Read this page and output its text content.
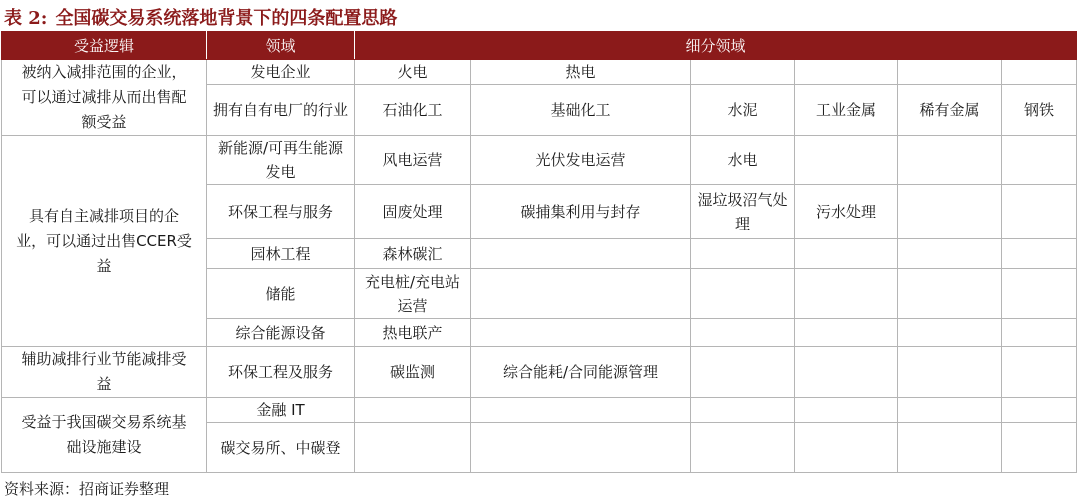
表 2: 全国碳交易系统落地背景下的四条配置思路
受益逻辑	领域	细分领域					
被纳入减排范围的企业，可以通过减排从而出售配额受益	发电企业	火电	热电				
	拥有自有电厂的行业	石油化工	基础化工	水泥	工业金属	稀有金属	钢铁
具有自主减排项目的企业，可以通过出售CCER受益	新能源/可再生能源发电	风电运营	光伏发电运营	水电			
	环保工程与服务	固废处理	碳捕集利用与封存	湿垃圾沼气处理	污水处理		
	园林工程	森林碳汇					
	储能	充电桩/充电站运营					
	综合能源设备	热电联产					
辅助减排行业节能减排受益	环保工程及服务	碳监测	综合能耗/合同能源管理				
受益于我国碳交易系统基础设施建设	金融 IT						
	碳交易所、中碳登						
资料来源：招商证券整理
